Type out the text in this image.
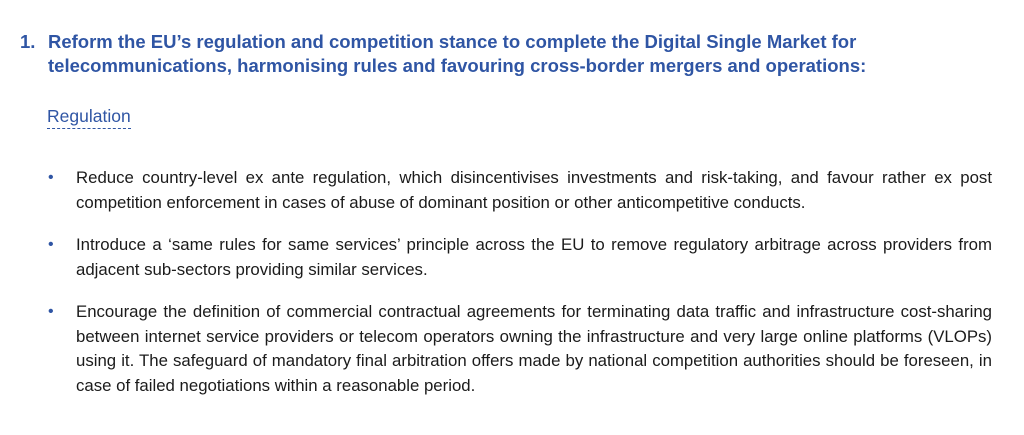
1. Reform the EU’s regulation and competition stance to complete the Digital Single Market for telecommunications, harmonising rules and favouring cross-border mergers and operations:
Regulation
•	Reduce country-level ex ante regulation, which disincentivises investments and risk-taking, and favour rather ex post competition enforcement in cases of abuse of dominant position or other anticompetitive conducts.
•	Introduce a ‘same rules for same services’ principle across the EU to remove regulatory arbitrage across providers from adjacent sub-sectors providing similar services.
•	Encourage the definition of commercial contractual agreements for terminating data traffic and infrastructure cost-sharing between internet service providers or telecom operators owning the infrastructure and very large online platforms (VLOPs) using it. The safeguard of mandatory final arbitration offers made by national competition authorities should be foreseen, in case of failed negotiations within a reasonable period.
